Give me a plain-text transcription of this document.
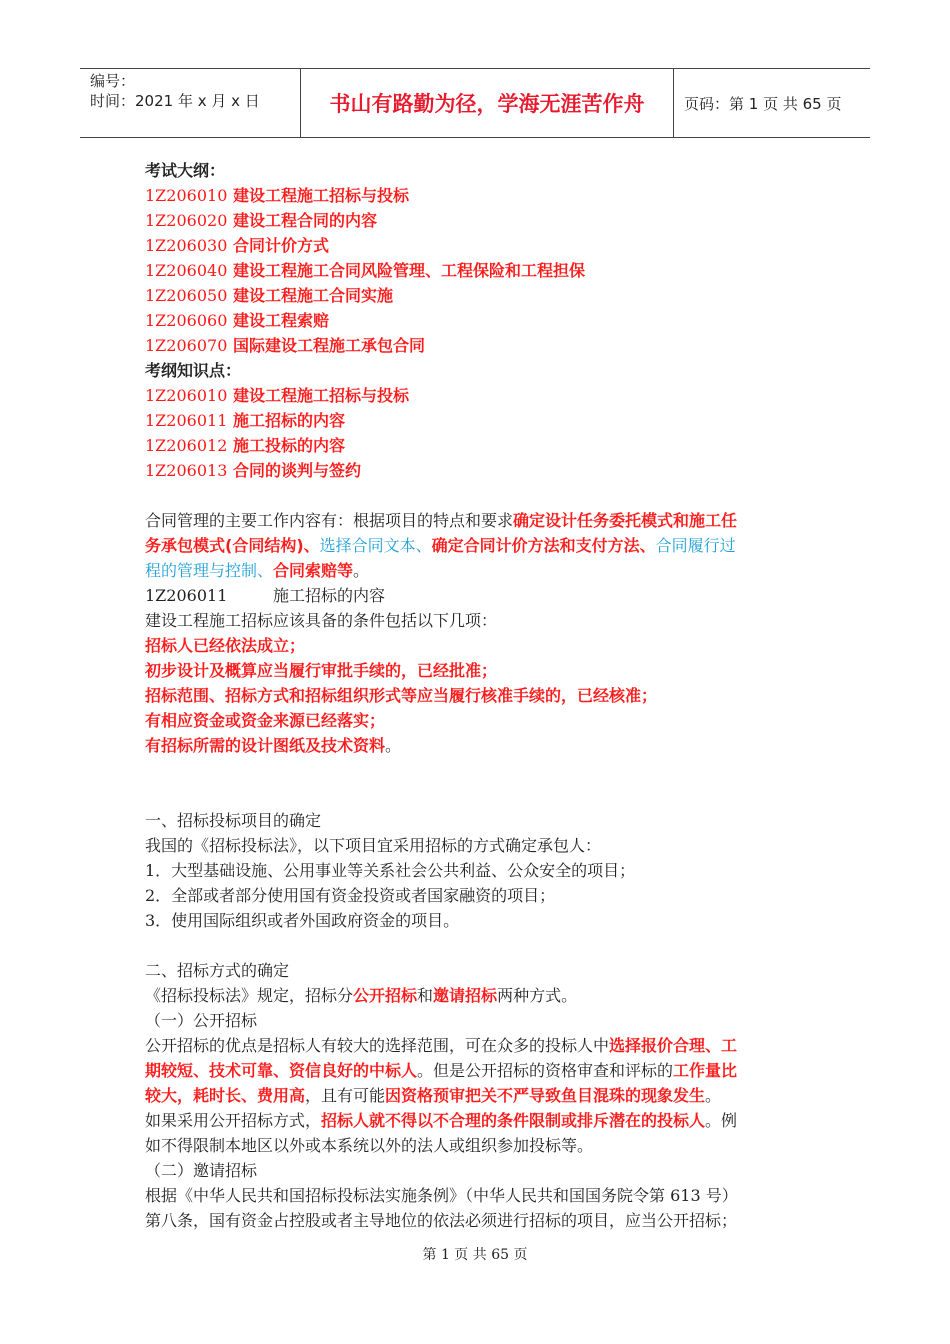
编号：
时间：2021 年 x 月 x 日	书山有路勤为径，学海无涯苦作舟	页码：第 1 页 共 65 页
考试大纲：
1Z206010 建设工程施工招标与投标
1Z206020 建设工程合同的内容
1Z206030 合同计价方式
1Z206040 建设工程施工合同风险管理、工程保险和工程担保
1Z206050 建设工程施工合同实施
1Z206060 建设工程索赔
1Z206070 国际建设工程施工承包合同
考纲知识点：
1Z206010 建设工程施工招标与投标
1Z206011 施工招标的内容
1Z206012 施工投标的内容
1Z206013 合同的谈判与签约
合同管理的主要工作内容有：根据项目的特点和要求确定设计任务委托模式和施工任
务承包模式(合同结构)、选择合同文本、确定合同计价方法和支付方法、合同履行过
程的管理与控制、合同索赔等。
1Z206011	施工招标的内容
建设工程施工招标应该具备的条件包括以下几项：
招标人已经依法成立；
初步设计及概算应当履行审批手续的，已经批准；
招标范围、招标方式和招标组织形式等应当履行核准手续的，已经核准；
有相应资金或资金来源已经落实；
有招标所需的设计图纸及技术资料。
一、招标投标项目的确定
我国的《招标投标法》，以下项目宜采用招标的方式确定承包人：
1．大型基础设施、公用事业等关系社会公共利益、公众安全的项目；
2．全部或者部分使用国有资金投资或者国家融资的项目；
3．使用国际组织或者外国政府资金的项目。
二、招标方式的确定
《招标投标法》规定，招标分公开招标和邀请招标两种方式。
（一）公开招标
公开招标的优点是招标人有较大的选择范围，可在众多的投标人中选择报价合理、工
期较短、技术可靠、资信良好的中标人。但是公开招标的资格审查和评标的工作量比
较大，耗时长、费用高，且有可能因资格预审把关不严导致鱼目混珠的现象发生。
如果采用公开招标方式，招标人就不得以不合理的条件限制或排斥潜在的投标人。例
如不得限制本地区以外或本系统以外的法人或组织参加投标等。
（二）邀请招标
根据《中华人民共和国招标投标法实施条例》（中华人民共和国国务院令第 613 号）
第八条，国有资金占控股或者主导地位的依法必须进行招标的项目，应当公开招标；
第 1 页 共 65 页
